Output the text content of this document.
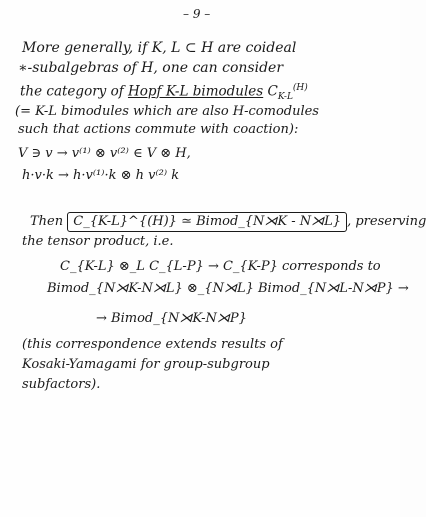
– 9 –
More generally, if K, L ⊂ H are coideal
∗-subalgebras of H, one can consider
the category of Hopf K-L bimodules $C_{K-L}^{(H)}$
(= K-L bimodules which are also H-comodules
such that actions commute with coaction):
V ∋ v → v⁽¹⁾ ⊗ v⁽²⁾ ∈ V ⊗ H,
h·v·k → h·v⁽¹⁾·k ⊗ h v⁽²⁾ k
Then C_{K-L}^{(H)} ≃ Bimod_{N⋊K - N⋊L} , preserving
the tensor product, i.e.
C_{K-L} ⊗_L C_{L-P} → C_{K-P} corresponds to
Bimod_{N⋊K-N⋊L} ⊗_{N⋊L} Bimod_{N⋊L-N⋊P} →
→ Bimod_{N⋊K-N⋊P}
(this correspondence extends results of
Kosaki-Yamagami for group-subgroup
subfactors).
